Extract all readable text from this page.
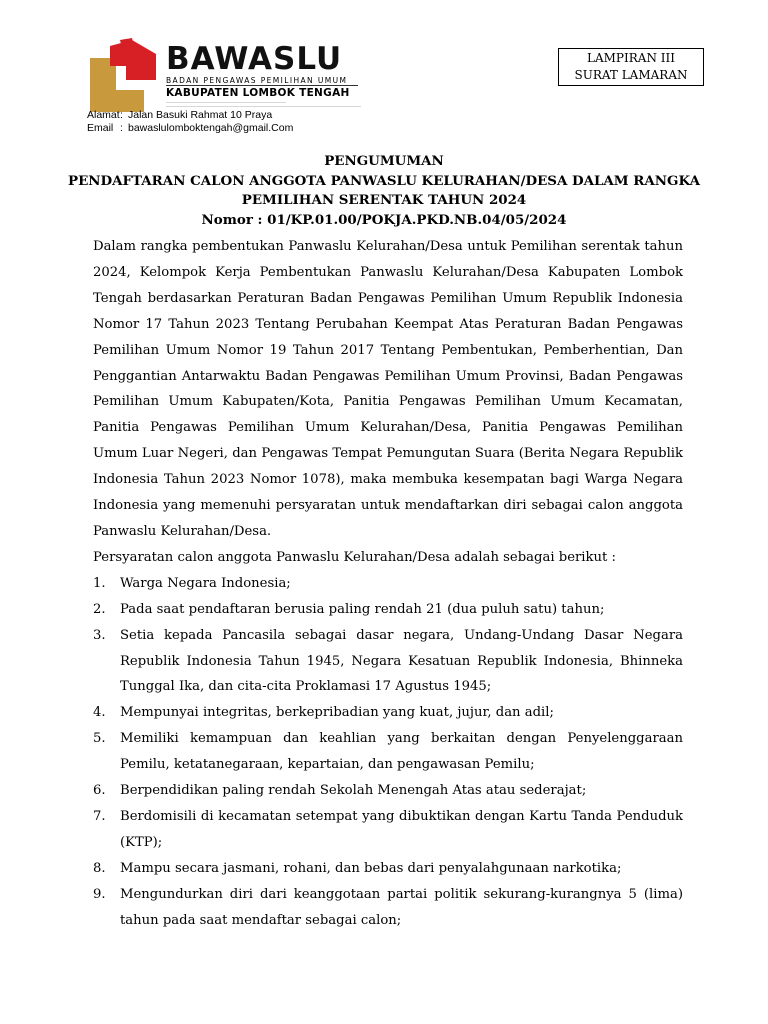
BAWASLU
BADAN PENGAWAS PEMILIHAN UMUM
KABUPATEN LOMBOK TENGAH
Alamat : Jalan Basuki Rahmat 10 Praya
Email : bawaslulomboktengah@gmail.Com
LAMPIRAN III
SURAT LAMARAN
PENGUMUMAN
PENDAFTARAN CALON ANGGOTA PANWASLU KELURAHAN/DESA DALAM RANGKA
PEMILIHAN SERENTAK TAHUN 2024
Nomor : 01/KP.01.00/POKJA.PKD.NB.04/05/2024

Dalam rangka pembentukan Panwaslu Kelurahan/Desa untuk Pemilihan serentak tahun 2024, Kelompok Kerja Pembentukan Panwaslu Kelurahan/Desa Kabupaten Lombok Tengah berdasarkan Peraturan Badan Pengawas Pemilihan Umum Republik Indonesia Nomor 17 Tahun 2023 Tentang Perubahan Keempat Atas Peraturan Badan Pengawas Pemilihan Umum Nomor 19 Tahun 2017 Tentang Pembentukan, Pemberhentian, Dan Penggantian Antarwaktu Badan Pengawas Pemilihan Umum Provinsi, Badan Pengawas Pemilihan Umum Kabupaten/Kota, Panitia Pengawas Pemilihan Umum Kecamatan, Panitia Pengawas Pemilihan Umum Kelurahan/Desa, Panitia Pengawas Pemilihan Umum Luar Negeri, dan Pengawas Tempat Pemungutan Suara (Berita Negara Republik Indonesia Tahun 2023 Nomor 1078), maka membuka kesempatan bagi Warga Negara Indonesia yang memenuhi persyaratan untuk mendaftarkan diri sebagai calon anggota Panwaslu Kelurahan/Desa.

Persyaratan calon anggota Panwaslu Kelurahan/Desa adalah sebagai berikut :

1.	Warga Negara Indonesia;
2.	Pada saat pendaftaran berusia paling rendah 21 (dua puluh satu) tahun;
3.	Setia kepada Pancasila sebagai dasar negara, Undang-Undang Dasar Negara Republik Indonesia Tahun 1945, Negara Kesatuan Republik Indonesia, Bhinneka Tunggal Ika, dan cita-cita Proklamasi 17 Agustus 1945;
4.	Mempunyai integritas, berkepribadian yang kuat, jujur, dan adil;
5.	Memiliki kemampuan dan keahlian yang berkaitan dengan Penyelenggaraan Pemilu, ketatanegaraan, kepartaian, dan pengawasan Pemilu;
6.	Berpendidikan paling rendah Sekolah Menengah Atas atau sederajat;
7.	Berdomisili di kecamatan setempat yang dibuktikan dengan Kartu Tanda Penduduk (KTP);
8.	Mampu secara jasmani, rohani, dan bebas dari penyalahgunaan narkotika;
9.	Mengundurkan diri dari keanggotaan partai politik sekurang-kurangnya 5 (lima) tahun pada saat mendaftar sebagai calon;
